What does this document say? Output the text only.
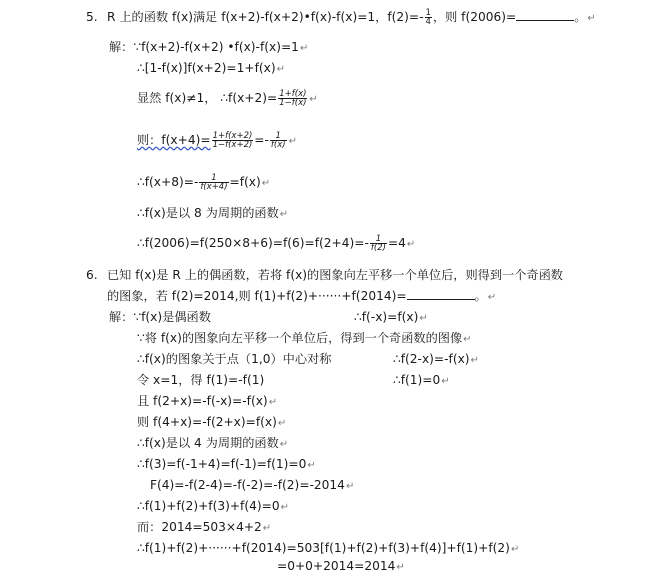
5. R 上的函数 f(x)满足 f(x+2)-f(x+2)•f(x)-f(x)=1，$f(2)=- \frac{1}{4}$ ，则 f(2006)=	。↵
解：∵f(x+2)-f(x+2) •f(x)-f(x)=1↵
∴[1-f(x)]f(x+2)=1+f(x)↵
显然 f(x)≠1， ∴f(x+2)= $\frac{1+f(x)}{1-f(x)}$ ↵
则：$f(x+4)= \frac{1+f(x+2)}{1-f(x+2)} =- \frac{1}{f(x)}$ ↵
∴f(x+8)=- $\frac{1}{f(x+4)}$ =f(x)↵
∴f(x)是以 8 为周期的函数↵
∴f(2006)=f(250×8+6)=f(6)=f(2+4)=- $\frac{1}{f(2)}$ =4↵
6. 已知 f(x)是 R 上的偶函数，若将 f(x)的图象向左平移一个单位后，则得到一个奇函数
的图象，若 f(2)=2014,则 f(1)+f(2)+······+f(2014)=	。↵
解：∵f(x)是偶函数	∴f(-x)=f(x)↵
∵将 f(x)的图象向左平移一个单位后，得到一个奇函数的图像↵
∴f(x)的图象关于点（1,0）中心对称	∴f(2-x)=-f(x)↵
令 x=1，得 f(1)=-f(1)	∴f(1)=0↵
且 f(2+x)=-f(-x)=-f(x)↵
则 f(4+x)=-f(2+x)=f(x)↵
∴f(x)是以 4 为周期的函数↵
∴f(3)=f(-1+4)=f(-1)=f(1)=0↵
F(4)=-f(2-4)=-f(-2)=-f(2)=-2014↵
∴f(1)+f(2)+f(3)+f(4)=0↵
而：2014=503×4+2↵
∴f(1)+f(2)+······+f(2014)=503[f(1)+f(2)+f(3)+f(4)]+f(1)+f(2)↵
=0+0+2014=2014↵
